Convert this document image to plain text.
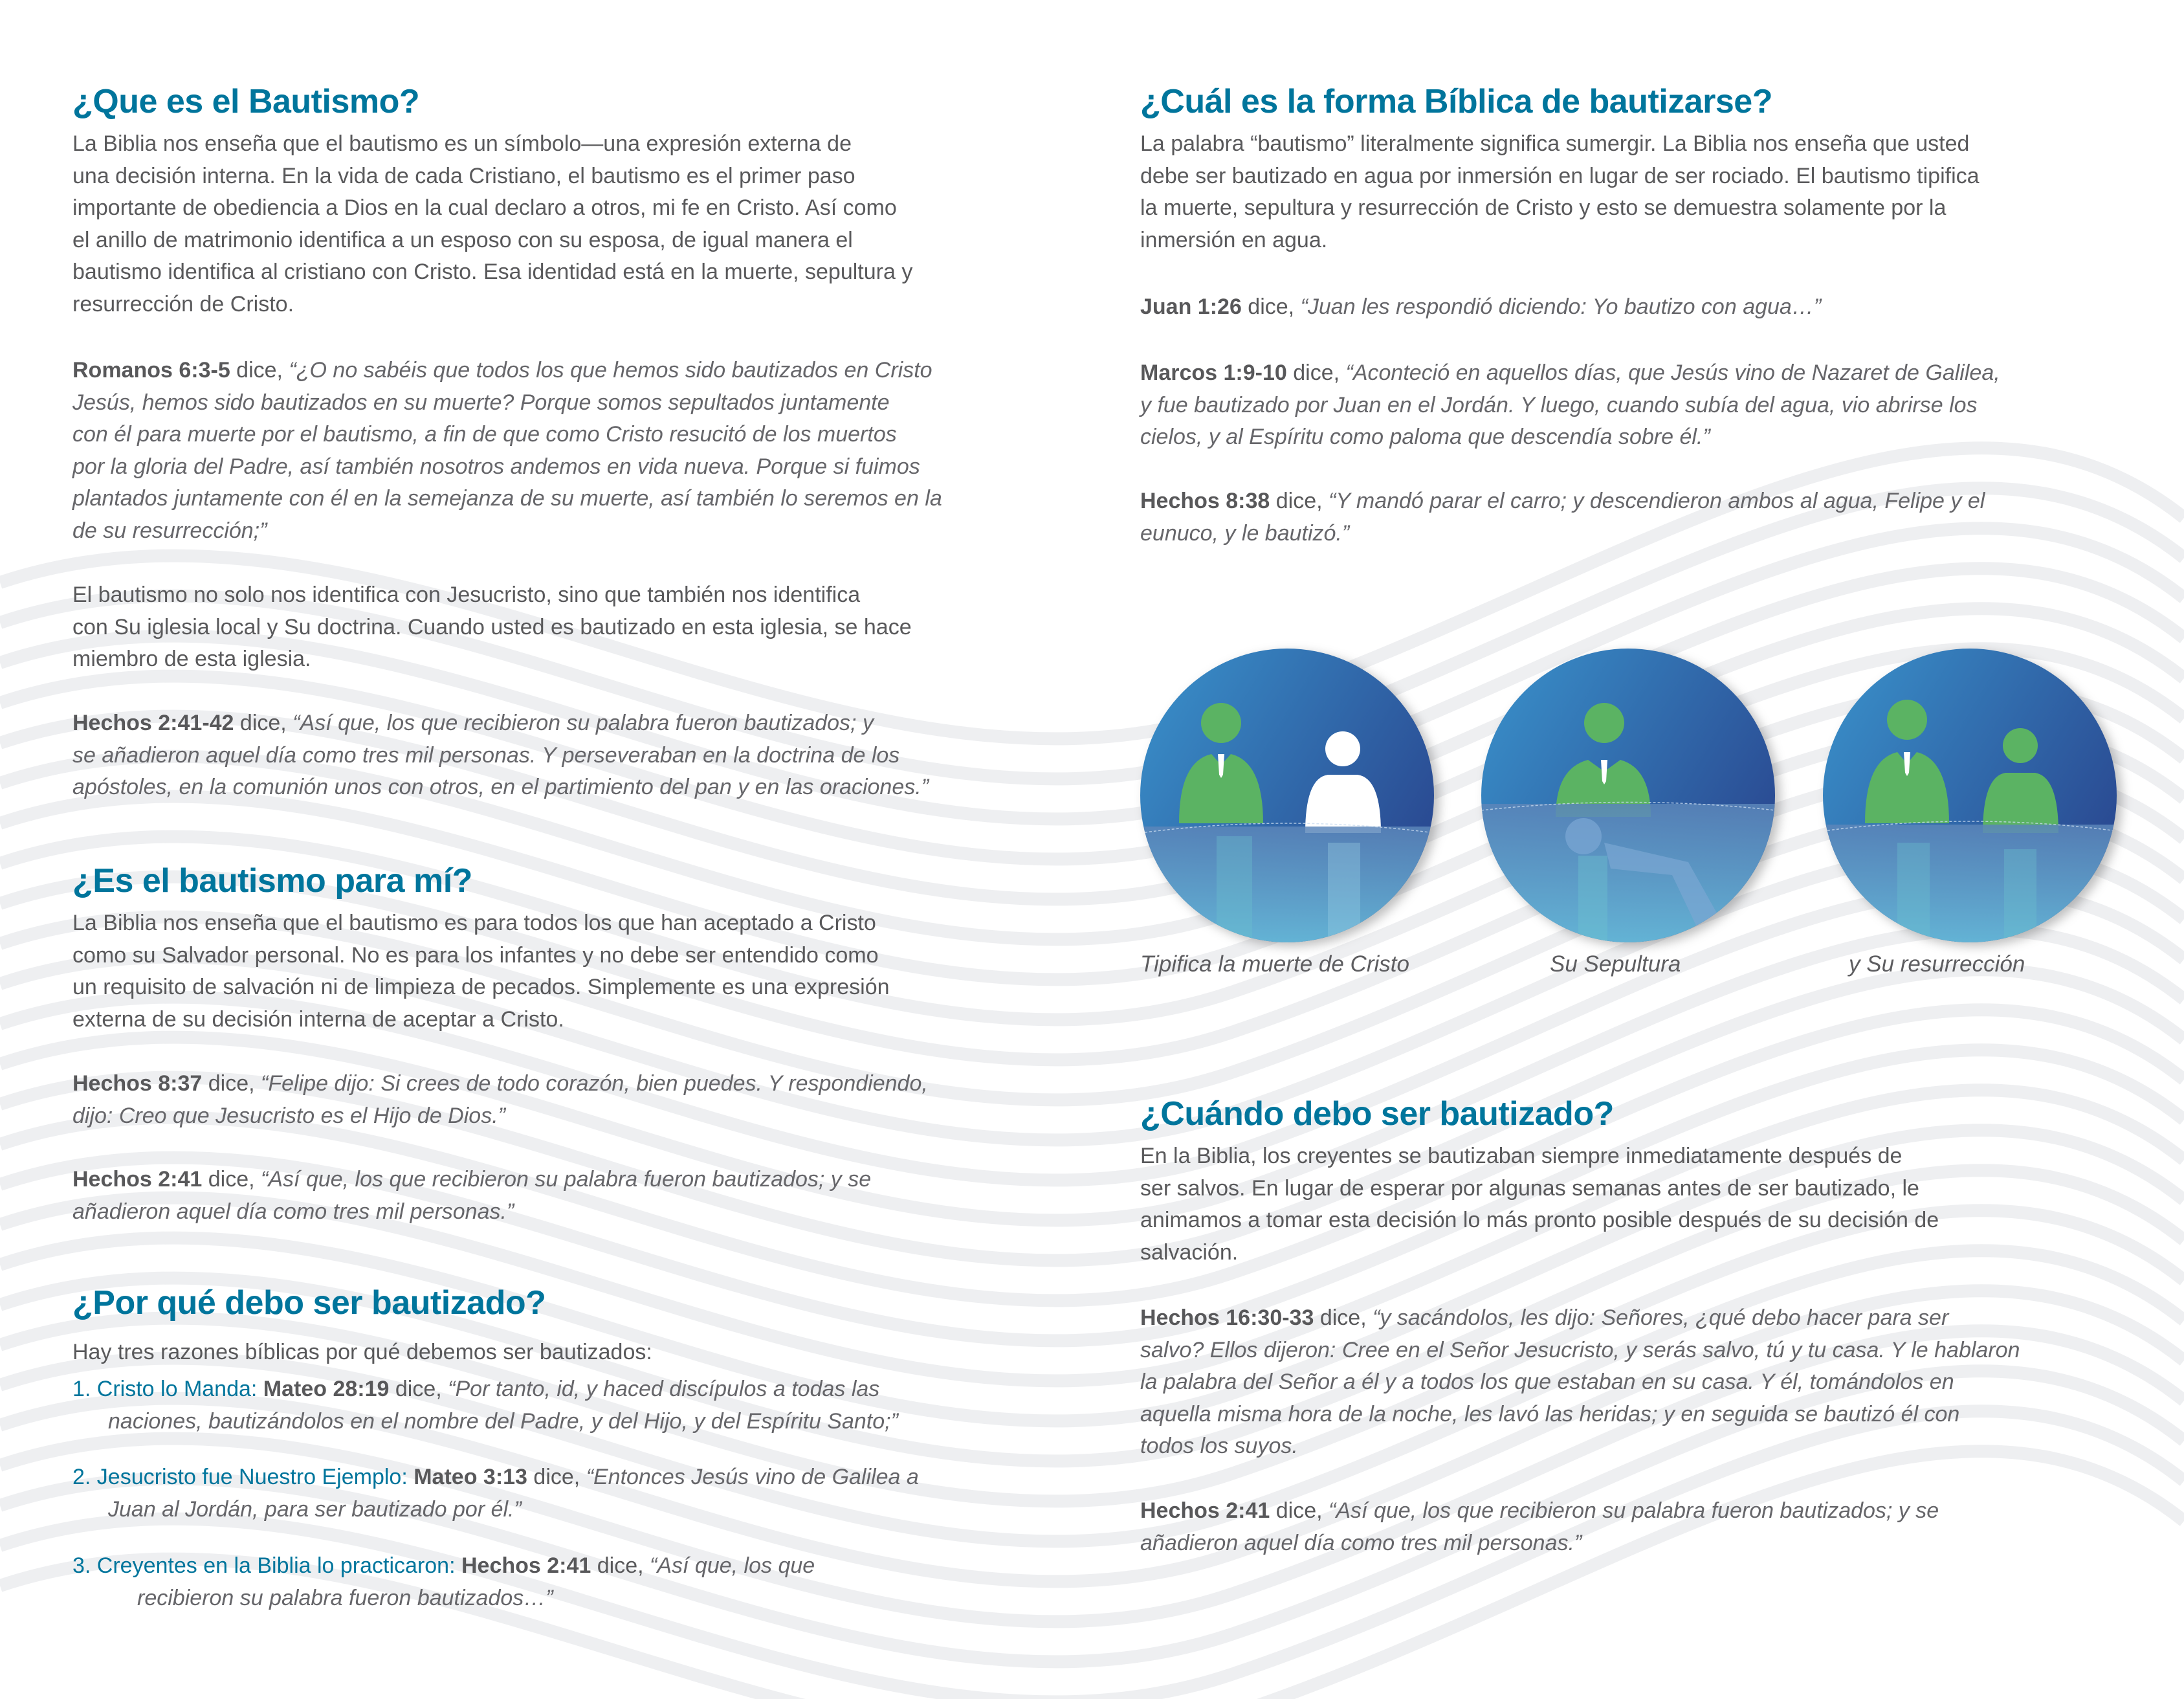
¿Que es el Bautismo?

La Biblia nos enseña que el bautismo es un símbolo—una expresión externa de
una decisión interna. En la vida de cada Cristiano, el bautismo es el primer paso
importante de obediencia a Dios en la cual declaro a otros, mi fe en Cristo. Así como
el anillo de matrimonio identifica a un esposo con su esposa, de igual manera el
bautismo identifica al cristiano con Cristo. Esa identidad está en la muerte, sepultura y
resurrección de Cristo.

Romanos 6:3-5 dice, “¿O no sabéis que todos los que hemos sido bautizados en Cristo
Jesús, hemos sido bautizados en su muerte? Porque somos sepultados juntamente
con él para muerte por el bautismo, a fin de que como Cristo resucitó de los muertos
por la gloria del Padre, así también nosotros andemos en vida nueva. Porque si fuimos
plantados juntamente con él en la semejanza de su muerte, así también lo seremos en la
de su resurrección;”

El bautismo no solo nos identifica con Jesucristo, sino que también nos identifica
con Su iglesia local y Su doctrina. Cuando usted es bautizado en esta iglesia, se hace
miembro de esta iglesia.

Hechos 2:41-42 dice, “Así que, los que recibieron su palabra fueron bautizados; y
se añadieron aquel día como tres mil personas. Y perseveraban en la doctrina de los
apóstoles, en la comunión unos con otros, en el partimiento del pan y en las oraciones.”

¿Es el bautismo para mí?

La Biblia nos enseña que el bautismo es para todos los que han aceptado a Cristo
como su Salvador personal. No es para los infantes y no debe ser entendido como
un requisito de salvación ni de limpieza de pecados. Simplemente es una expresión
externa de su decisión interna de aceptar a Cristo.

Hechos 8:37 dice, “Felipe dijo: Si crees de todo corazón, bien puedes. Y respondiendo,
dijo: Creo que Jesucristo es el Hijo de Dios.”

Hechos 2:41 dice, “Así que, los que recibieron su palabra fueron bautizados; y se
añadieron aquel día como tres mil personas.”

¿Por qué debo ser bautizado?

Hay tres razones bíblicas por qué debemos ser bautizados:

1. Cristo lo Manda: Mateo 28:19 dice, “Por tanto, id, y haced discípulos a todas las
naciones, bautizándolos en el nombre del Padre, y del Hijo, y del Espíritu Santo;”

2. Jesucristo fue Nuestro Ejemplo: Mateo 3:13 dice, “Entonces Jesús vino de Galilea a
Juan al Jordán, para ser bautizado por él.”

3. Creyentes en la Biblia lo practicaron: Hechos 2:41 dice, “Así que, los que
recibieron su palabra fueron bautizados…”

¿Cuál es la forma Bíblica de bautizarse?

La palabra “bautismo” literalmente significa sumergir. La Biblia nos enseña que usted
debe ser bautizado en agua por inmersión en lugar de ser rociado. El bautismo tipifica
la muerte, sepultura y resurrección de Cristo y esto se demuestra solamente por la
inmersión en agua.

Juan 1:26 dice, “Juan les respondió diciendo: Yo bautizo con agua…”

Marcos 1:9-10 dice, “Aconteció en aquellos días, que Jesús vino de Nazaret de Galilea,
y fue bautizado por Juan en el Jordán. Y luego, cuando subía del agua, vio abrirse los
cielos, y al Espíritu como paloma que descendía sobre él.”

Hechos 8:38 dice, “Y mandó parar el carro; y descendieron ambos al agua, Felipe y el
eunuco, y le bautizó.”

Tipifica la muerte de Cristo	Su Sepultura	y Su resurrección
¿Cuándo debo ser bautizado?

En la Biblia, los creyentes se bautizaban siempre inmediatamente después de
ser salvos. En lugar de esperar por algunas semanas antes de ser bautizado, le
animamos a tomar esta decisión lo más pronto posible después de su decisión de
salvación.

Hechos 16:30-33 dice, “y sacándolos, les dijo: Señores, ¿qué debo hacer para ser
salvo? Ellos dijeron: Cree en el Señor Jesucristo, y serás salvo, tú y tu casa. Y le hablaron
la palabra del Señor a él y a todos los que estaban en su casa. Y él, tomándolos en
aquella misma hora de la noche, les lavó las heridas; y en seguida se bautizó él con
todos los suyos.

Hechos 2:41 dice, “Así que, los que recibieron su palabra fueron bautizados; y se
añadieron aquel día como tres mil personas.”
